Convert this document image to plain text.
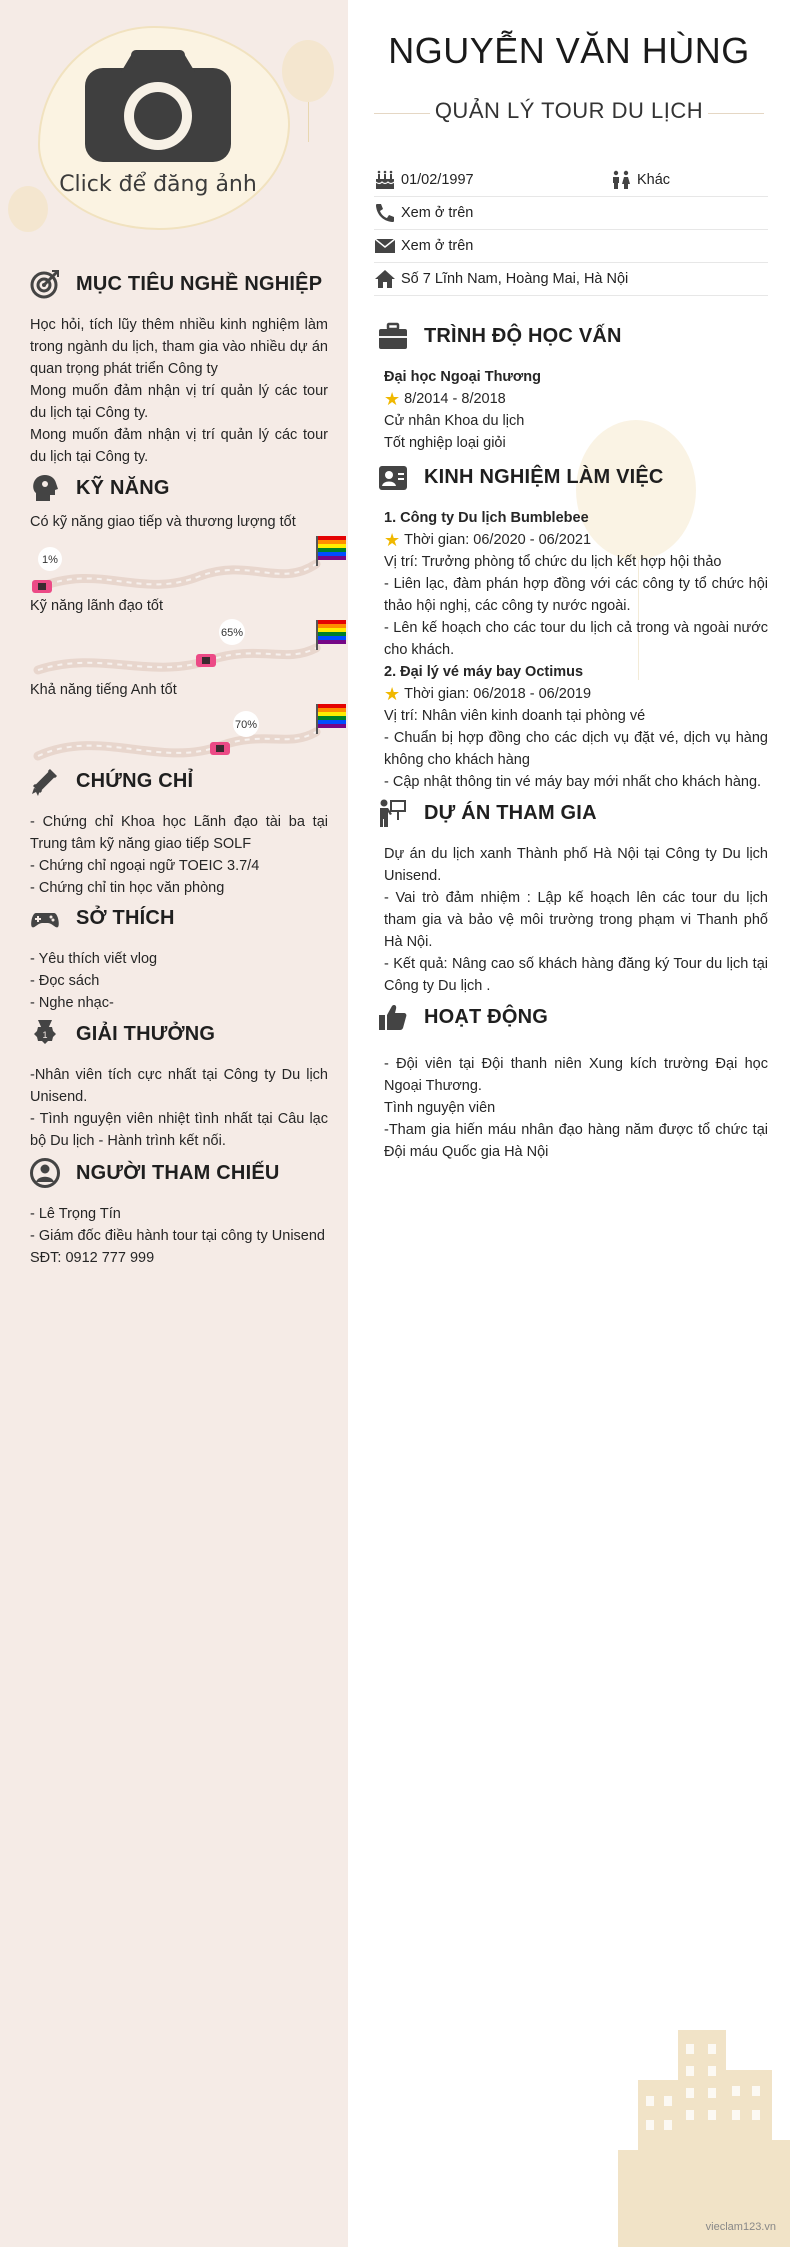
Click để đăng ảnh
MỤC TIÊU NGHỀ NGHIỆP

Học hỏi, tích lũy thêm nhiều kinh nghiệm làm trong ngành du lịch, tham gia vào nhiều dự án quan trọng phát triển Công ty

Mong muốn đảm nhận vị trí quản lý các tour du lịch tại Công ty.

Mong muốn đảm nhận vị trí quản lý các tour du lịch tại Công ty.

KỸ NĂNG
Có kỹ năng giao tiếp và thương lượng tốt
1%
Kỹ năng lãnh đạo tốt
65%
Khả năng tiếng Anh tốt
70%
CHỨNG CHỈ

- Chứng chỉ Khoa học Lãnh đạo tài ba tại Trung tâm kỹ năng giao tiếp SOLF

- Chứng chỉ ngoại ngữ TOEIC 3.7/4

- Chứng chỉ tin học văn phòng

SỞ THÍCH

- Yêu thích viết vlog

- Đọc sách

- Nghe nhạc-

1 GIẢI THƯỞNG

-Nhân viên tích cực nhất tại Công ty Du lịch Unisend.

- Tình nguyện viên nhiệt tình nhất tại Câu lạc bộ Du lịch - Hành trình kết nối.

NGƯỜI THAM CHIẾU

- Lê Trọng Tín

- Giám đốc điều hành tour tại công ty Unisend

SĐT: 0912 777 999

NGUYỄN VĂN HÙNG
QUẢN LÝ TOUR DU LỊCH
01/02/1997	Khác
Xem ở trên
Xem ở trên
Số 7 Lĩnh Nam, Hoàng Mai, Hà Nội
TRÌNH ĐỘ HỌC VẤN

Đại học Ngoại Thương

★ 8/2014 - 8/2018

Cử nhân Khoa du lịch

Tốt nghiệp loại giỏi

KINH NGHIỆM LÀM VIỆC

1. Công ty Du lịch Bumblebee

★ Thời gian: 06/2020 - 06/2021

Vị trí: Trưởng phòng tổ chức du lịch kết hợp hội thảo

- Liên lạc, đàm phán hợp đồng với các công ty tổ chức hội thảo hội nghị, các công ty nước ngoài.

- Lên kế hoạch cho các tour du lịch cả trong và ngoài nước cho khách.

2. Đại lý vé máy bay Octimus

★ Thời gian: 06/2018 - 06/2019

Vị trí: Nhân viên kinh doanh tại phòng vé

- Chuẩn bị hợp đồng cho các dịch vụ đặt vé, dịch vụ hàng không cho khách hàng

- Cập nhật thông tin vé máy bay mới nhất cho khách hàng.

DỰ ÁN THAM GIA

Dự án du lịch xanh Thành phố Hà Nội tại Công ty Du lịch Unisend.

- Vai trò đảm nhiệm : Lập kế hoạch lên các tour du lịch tham gia và bảo vệ môi trường trong phạm vi Thanh phố Hà Nội.

- Kết quả: Nâng cao số khách hàng đăng ký Tour du lịch tại Công ty Du lịch .

HOẠT ĐỘNG

- Đội viên tại Đội thanh niên Xung kích trường Đại học Ngoại Thương.

Tình nguyện viên

-Tham gia hiến máu nhân đạo hàng năm được tổ chức tại Đội máu Quốc gia Hà Nội

vieclam123.vn
